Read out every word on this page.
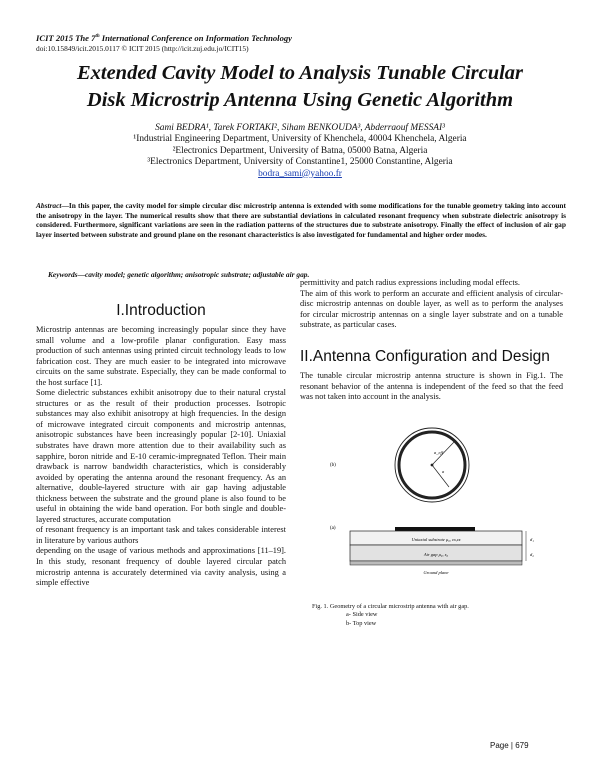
ICIT 2015 The 7th International Conference on Information Technology
doi:10.15849/icit.2015.0117 © ICIT 2015 (http://icit.zuj.edu.jo/ICIT15)
Extended Cavity Model to Analysis Tunable Circular
Disk Microstrip Antenna Using Genetic Algorithm
Sami BEDRA¹, Tarek FORTAKI², Siham BENKOUDA³, Abderraouf MESSAI³
¹Industrial Engineering Department, University of Khenchela, 40004 Khenchela, Algeria
²Electronics Department, University of Batna, 05000 Batna, Algeria
³Electronics Department, University of Constantine1, 25000 Constantine, Algeria
bodra_sami@yahoo.fr
Abstract—In this paper, the cavity model for simple circular disc microstrip antenna is extended with some modifications for the tunable geometry taking into account the anisotropy in the layer. The numerical results show that there are substantial deviations in calculated resonant frequency when substrate dielectric anisotropy is considered. Furthermore, significant variations are seen in the radiation patterns of the structures due to substrate anisotropy. Finally the effect of inclusion of air gap layer inserted between substrate and ground plane on the resonant characteristics is also investigated for fundamental and higher order modes.
Keywords—cavity model; genetic algorithm; anisotropic substrate; adjustable air gap.
I.Introduction

Microstrip antennas are becoming increasingly popular since they have small volume and a low-profile planar configuration. Easy mass production of such antennas using printed circuit technology leads to low fabrication cost. They are much easier to be integrated into microwave circuits on the same substrate. Especially, they can be made conformal to the host surface [1].

Some dielectric substances exhibit anisotropy due to their natural crystal structures or as the result of their production processes. Isotropic substances may also exhibit anisotropy at high frequencies. In the design of microwave integrated circuit components and microstrip antennas, anisotropic substances have been increasingly popular [2-10]. Uniaxial substrates have drawn more attention due to their availability such as sapphire, boron nitride and E-10 ceramic-impregnated Teflon. Their main drawback is narrow bandwidth characteristics, which is considerably avoided by operating the antenna around the resonant frequency. As an alternative, double-layered structure with air gap having adjustable thickness between the substrate and the ground plane is also found to be useful in obtaining the wide band operation. For both single and double-layered structures, accurate computation

of resonant frequency is an important task and takes considerable interest in literature by various authors

depending on the usage of various methods and approximations [11–19]. In this study, resonant frequency of double layered circular patch microstrip antenna is accurately determined via cavity analysis, using a simple effective

permittivity and patch radius expressions including modal effects.

The aim of this work to perform an accurate and efficient analysis of circular-disc microstrip antennas on double layer, as well as to perform the analyses for circular microstrip antennas on a single layer substrate and on a tunable substrate, as particular cases.

II.Antenna Configuration and Design
The tunable circular microstrip antenna structure is shown in Fig.1. The resonant behavior of the antenna is independent of the feed so that the feed was not taken into account in the analysis.
(b)
a_eff
a
(a)
Uniaxial substrate μ₀, εx,εz
Air gap μ₀, ε₀
d₁
d₂
Ground plane
Fig. 1. Geometry of a circular microstrip antenna with air gap.
a- Side view
b- Top view
Page | 679
